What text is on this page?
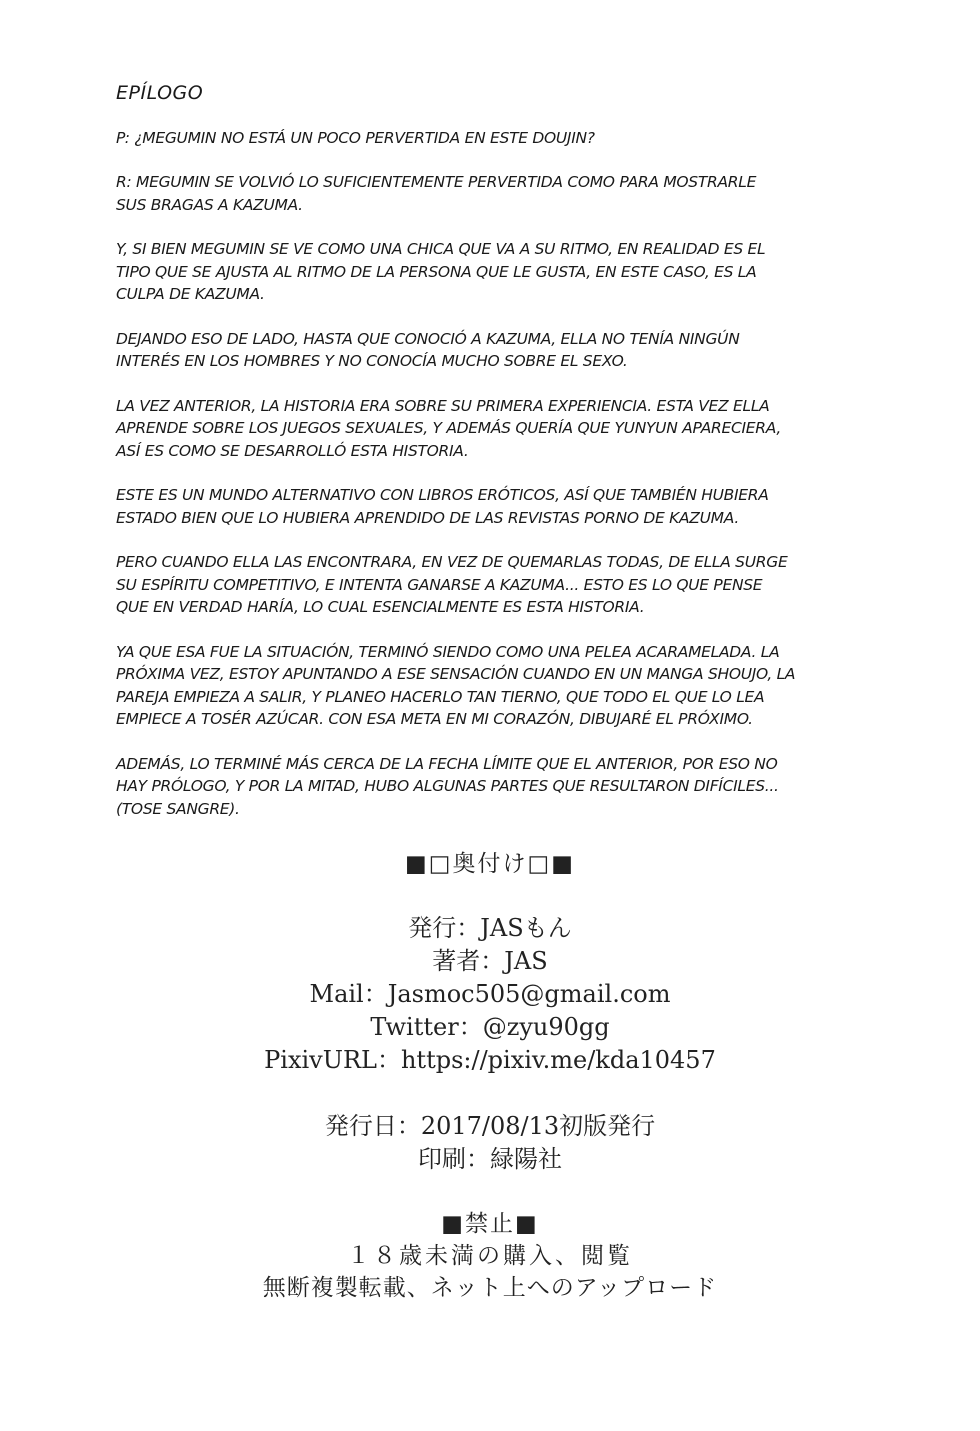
EPÍLOGO

P: ¿MEGUMIN NO ESTÁ UN POCO PERVERTIDA EN ESTE DOUJIN?

R: MEGUMIN SE VOLVIÓ LO SUFICIENTEMENTE PERVERTIDA COMO PARA MOSTRARLE
SUS BRAGAS A KAZUMA.

Y, SI BIEN MEGUMIN SE VE COMO UNA CHICA QUE VA A SU RITMO, EN REALIDAD ES EL
TIPO QUE SE AJUSTA AL RITMO DE LA PERSONA QUE LE GUSTA, EN ESTE CASO, ES LA
CULPA DE KAZUMA.

DEJANDO ESO DE LADO, HASTA QUE CONOCIÓ A KAZUMA, ELLA NO TENÍA NINGÚN
INTERÉS EN LOS HOMBRES Y NO CONOCÍA MUCHO SOBRE EL SEXO.

LA VEZ ANTERIOR, LA HISTORIA ERA SOBRE SU PRIMERA EXPERIENCIA. ESTA VEZ ELLA
APRENDE SOBRE LOS JUEGOS SEXUALES, Y ADEMÁS QUERÍA QUE YUNYUN APARECIERA,
ASÍ ES COMO SE DESARROLLÓ ESTA HISTORIA.

ESTE ES UN MUNDO ALTERNATIVO CON LIBROS ERÓTICOS, ASÍ QUE TAMBIÉN HUBIERA
ESTADO BIEN QUE LO HUBIERA APRENDIDO DE LAS REVISTAS PORNO DE KAZUMA.

PERO CUANDO ELLA LAS ENCONTRARA, EN VEZ DE QUEMARLAS TODAS, DE ELLA SURGE
SU ESPÍRITU COMPETITIVO, E INTENTA GANARSE A KAZUMA... ESTO ES LO QUE PENSE
QUE EN VERDAD HARÍA, LO CUAL ESENCIALMENTE ES ESTA HISTORIA.

YA QUE ESA FUE LA SITUACIÓN, TERMINÓ SIENDO COMO UNA PELEA ACARAMELADA. LA
PRÓXIMA VEZ, ESTOY APUNTANDO A ESE SENSACIÓN CUANDO EN UN MANGA SHOUJO, LA
PAREJA EMPIEZA A SALIR, Y PLANEO HACERLO TAN TIERNO, QUE TODO EL QUE LO LEA
EMPIECE A TOSÉR AZÚCAR. CON ESA META EN MI CORAZÓN, DIBUJARÉ EL PRÓXIMO.

ADEMÁS, LO TERMINÉ MÁS CERCA DE LA FECHA LÍMITE QUE EL ANTERIOR, POR ESO NO
HAY PRÓLOGO, Y POR LA MITAD, HUBO ALGUNAS PARTES QUE RESULTARON DIFÍCILES...
(TOSE SANGRE).

■□奥付け□■
発行：JASもん
著者：JAS
Mail：Jasmoc505@gmail.com
Twitter：@zyu90gg
PixivURL：https://pixiv.me/kda10457
発行日：2017/08/13初版発行
印刷：緑陽社
■禁止■
１８歳未満の購入、閲覧
無断複製転載、ネット上へのアップロード
